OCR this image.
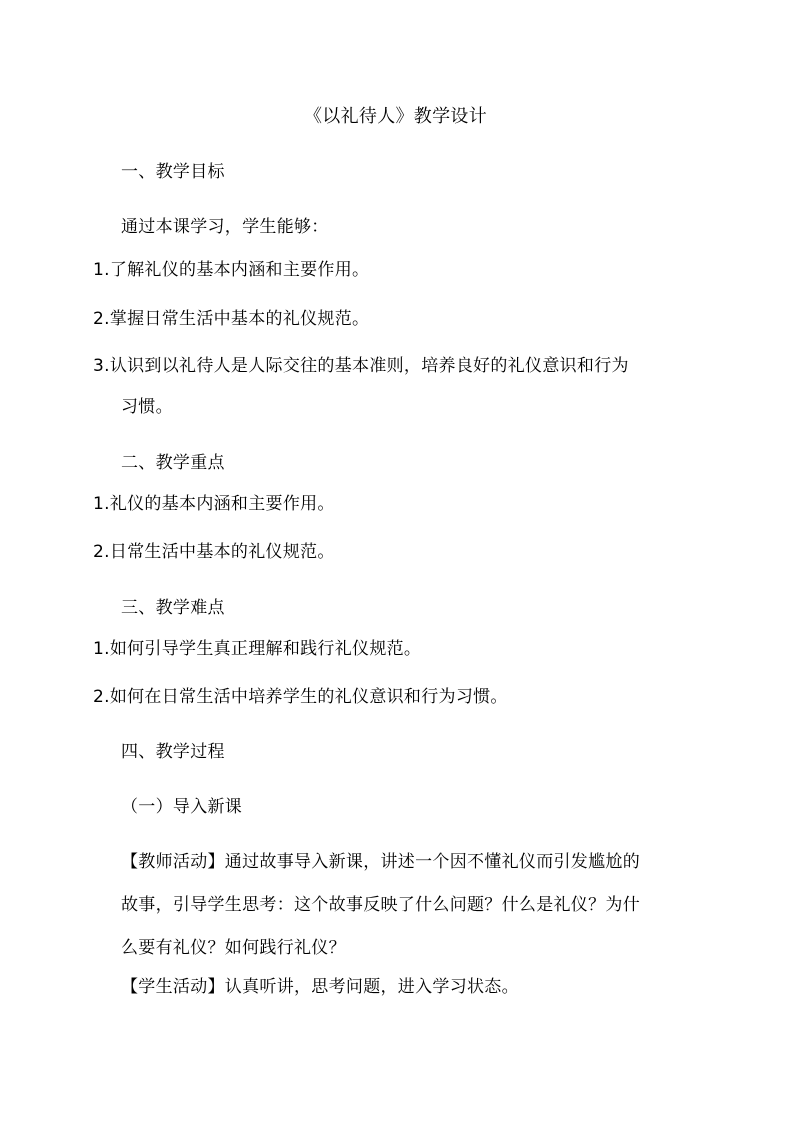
《以礼待人》教学设计
一、教学目标
通过本课学习，学生能够：
1.了解礼仪的基本内涵和主要作用。
2.掌握日常生活中基本的礼仪规范。
3.认识到以礼待人是人际交往的基本准则，培养良好的礼仪意识和行为
习惯。
二、教学重点
1.礼仪的基本内涵和主要作用。
2.日常生活中基本的礼仪规范。
三、教学难点
1.如何引导学生真正理解和践行礼仪规范。
2.如何在日常生活中培养学生的礼仪意识和行为习惯。
四、教学过程
（一）导入新课
【教师活动】通过故事导入新课，讲述一个因不懂礼仪而引发尴尬的
故事，引导学生思考：这个故事反映了什么问题？什么是礼仪？为什
么要有礼仪？如何践行礼仪？
【学生活动】认真听讲，思考问题，进入学习状态。
